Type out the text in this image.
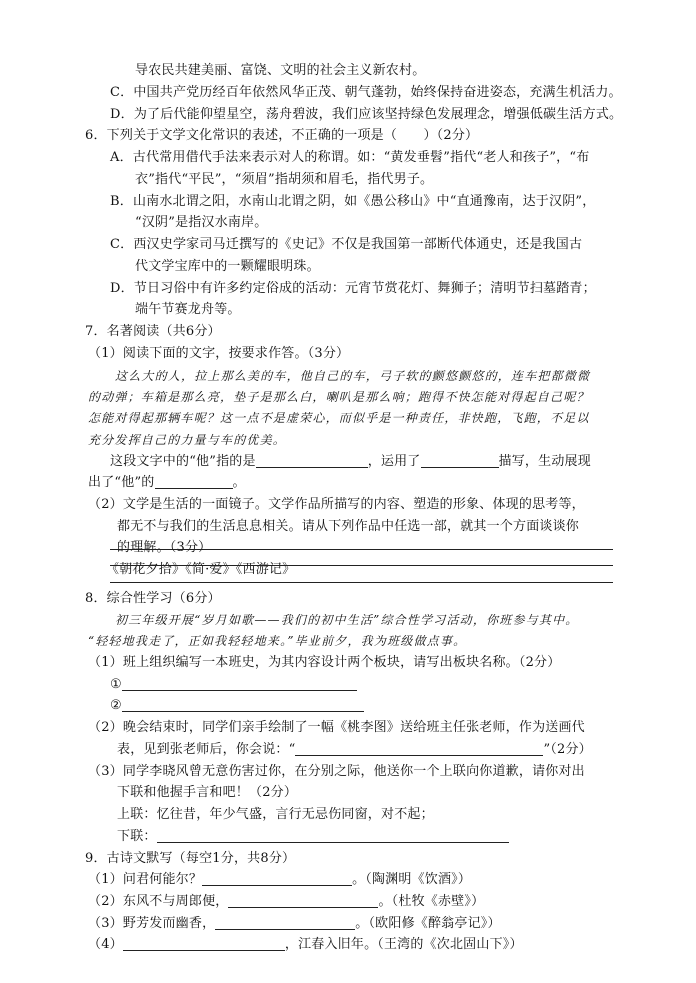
导农民共建美丽、富饶、文明的社会主义新农村。
C．中国共产党历经百年依然风华正茂、朝气蓬勃，始终保持奋进姿态，充满生机活力。
D．为了后代能仰望星空，荡舟碧波，我们应该坚持绿色发展理念，增强低碳生活方式。
6．下列关于文学文化常识的表述，不正确的一项是（　　）（2分）
A．古代常用借代手法来表示对人的称谓。如：“黄发垂髫”指代“老人和孩子”，“布
衣”指代“平民”，“须眉”指胡须和眉毛，指代男子。
B．山南水北谓之阳，水南山北谓之阴，如《愚公移山》中“直通豫南，达于汉阴”，
“汉阴”是指汉水南岸。
C．西汉史学家司马迁撰写的《史记》不仅是我国第一部断代体通史，还是我国古
代文学宝库中的一颗耀眼明珠。
D．节日习俗中有许多约定俗成的活动：元宵节赏花灯、舞狮子；清明节扫墓踏青；
端午节赛龙舟等。
7．名著阅读（共6分）
（1）阅读下面的文字，按要求作答。（3分）
这么大的人，拉上那么美的车，他自己的车，弓子软的颤悠颤悠的，连车把都微微
的动弹；车箱是那么亮，垫子是那么白，喇叭是那么响；跑得不快怎能对得起自己呢？
怎能对得起那辆车呢？这一点不是虚荣心，而似乎是一种责任，非快跑，飞跑，不足以
充分发挥自己的力量与车的优美。
这段文字中的“他”指的是	，运用了	描写，生动展现
出了“他”的	。
（2）文学是生活的一面镜子。文学作品所描写的内容、塑造的形象、体现的思考等，
都无不与我们的生活息息相关。请从下列作品中任选一部，就其一个方面谈谈你
的理解。（3分）
《朝花夕拾》《简·爱》《西游记》
8．综合性学习（6分）
初三年级开展“岁月如歌——我们的初中生活”综合性学习活动，你班参与其中。
“轻轻地我走了，正如我轻轻地来。”毕业前夕，我为班级做点事。
（1）班上组织编写一本班史，为其内容设计两个板块，请写出板块名称。（2分）
①
②
（2）晚会结束时，同学们亲手绘制了一幅《桃李图》送给班主任张老师，作为送画代
表，见到张老师后，你会说：“	”（2分）
（3）同学李晓风曾无意伤害过你，在分别之际，他送你一个上联向你道歉，请你对出
下联和他握手言和吧！（2分）
上联：忆往昔，年少气盛，言行无忌伤同窗，对不起；
下联：
9．古诗文默写（每空1分，共8分）
（1）问君何能尔？	。（陶渊明《饮酒》）
（2）东风不与周郎便，	。（杜牧《赤壁》）
（3）野芳发而幽香，	。（欧阳修《醉翁亭记》）
（4）	，江春入旧年。（王湾的《次北固山下》）
